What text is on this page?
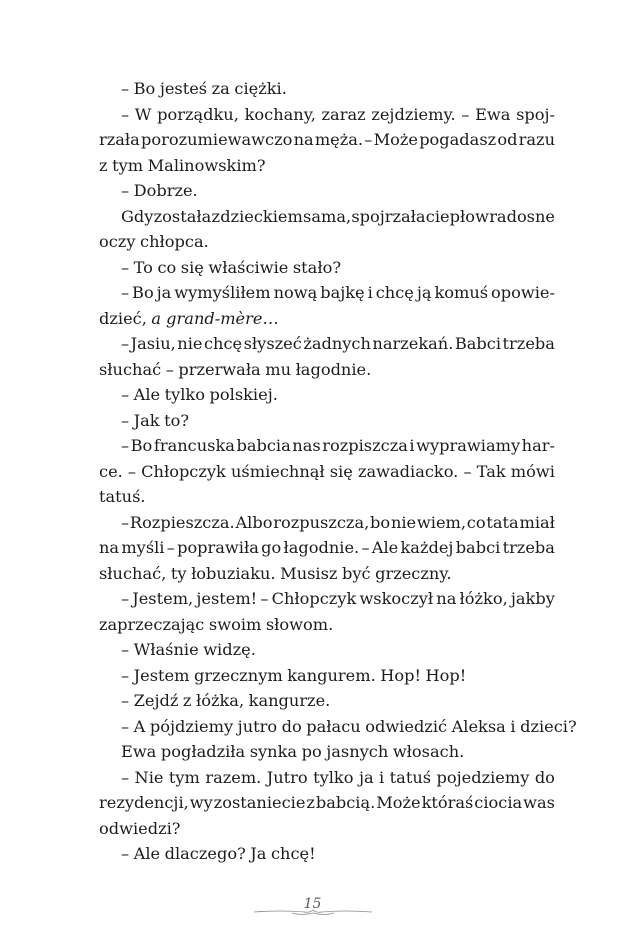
– Bo jesteś za ciężki.
– W porządku, kochany, zaraz zejdziemy. – Ewa spoj-
rzała porozumiewawczo na męża. – Może pogadasz od razu
z tym Malinowskim?
– Dobrze.
Gdy została z dzieckiem sama, spojrzała ciepło w radosne
oczy chłopca.
– To co się właściwie stało?
– Bo ja wymyśliłem nową bajkę i chcę ją komuś opowie-
dzieć, a grand-mère…
– Jasiu, nie chcę słyszeć żadnych narzekań. Babci trzeba
słuchać – przerwała mu łagodnie.
– Ale tylko polskiej.
– Jak to?
– Bo francuska babcia nas rozpiszcza i wyprawiamy har-
ce. – Chłopczyk uśmiechnął się zawadiacko. – Tak mówi
tatuś.
– Rozpieszcza. Albo rozpuszcza, bo nie wiem, co tata miał
na myśli – poprawiła go łagodnie. – Ale każdej babci trzeba
słuchać, ty łobuziaku. Musisz być grzeczny.
– Jestem, jestem! – Chłopczyk wskoczył na łóżko, jakby
zaprzeczając swoim słowom.
– Właśnie widzę.
– Jestem grzecznym kangurem. Hop! Hop!
– Zejdź z łóżka, kangurze.
– A pójdziemy jutro do pałacu odwiedzić Aleksa i dzieci?
Ewa pogładziła synka po jasnych włosach.
– Nie tym razem. Jutro tylko ja i tatuś pojedziemy do
rezydencji, wy zostaniecie z babcią. Może któraś ciocia was
odwiedzi?
– Ale dlaczego? Ja chcę!
15
